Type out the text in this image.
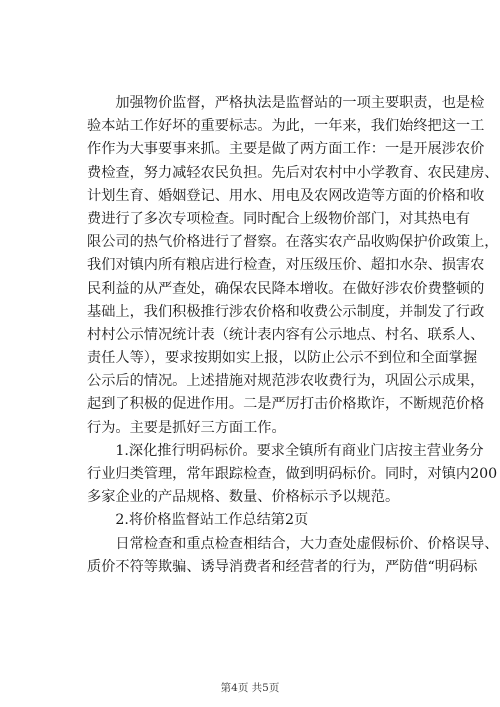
　　加强物价监督，严格执法是监督站的一项主要职责，也是检
验本站工作好坏的重要标志。为此，一年来，我们始终把这一工
作作为大事要事来抓。主要是做了两方面工作：一是开展涉农价
费检查，努力减轻农民负担。先后对农村中小学教育、农民建房、
计划生育、婚姻登记、用水、用电及农网改造等方面的价格和收
费进行了多次专项检查。同时配合上级物价部门，对其热电有
限公司的热气价格进行了督察。在落实农产品收购保护价政策上，
我们对镇内所有粮店进行检查，对压级压价、超扣水杂、损害农
民利益的从严查处，确保农民降本增收。在做好涉农价费整顿的
基础上，我们积极推行涉农价格和收费公示制度，并制发了行政
村村公示情况统计表（统计表内容有公示地点、村名、联系人、
责任人等），要求按期如实上报，以防止公示不到位和全面掌握
公示后的情况。上述措施对规范涉农收费行为，巩固公示成果，
起到了积极的促进作用。二是严厉打击价格欺诈，不断规范价格
行为。主要是抓好三方面工作。
　　1.深化推行明码标价。要求全镇所有商业门店按主营业务分
行业归类管理，常年跟踪检查，做到明码标价。同时，对镇内200
多家企业的产品规格、数量、价格标示予以规范。
　　2.将价格监督站工作总结第2页
　　日常检查和重点检查相结合，大力查处虚假标价、价格误导、
质价不符等欺骗、诱导消费者和经营者的行为，严防借“明码标
第4页 共5页
